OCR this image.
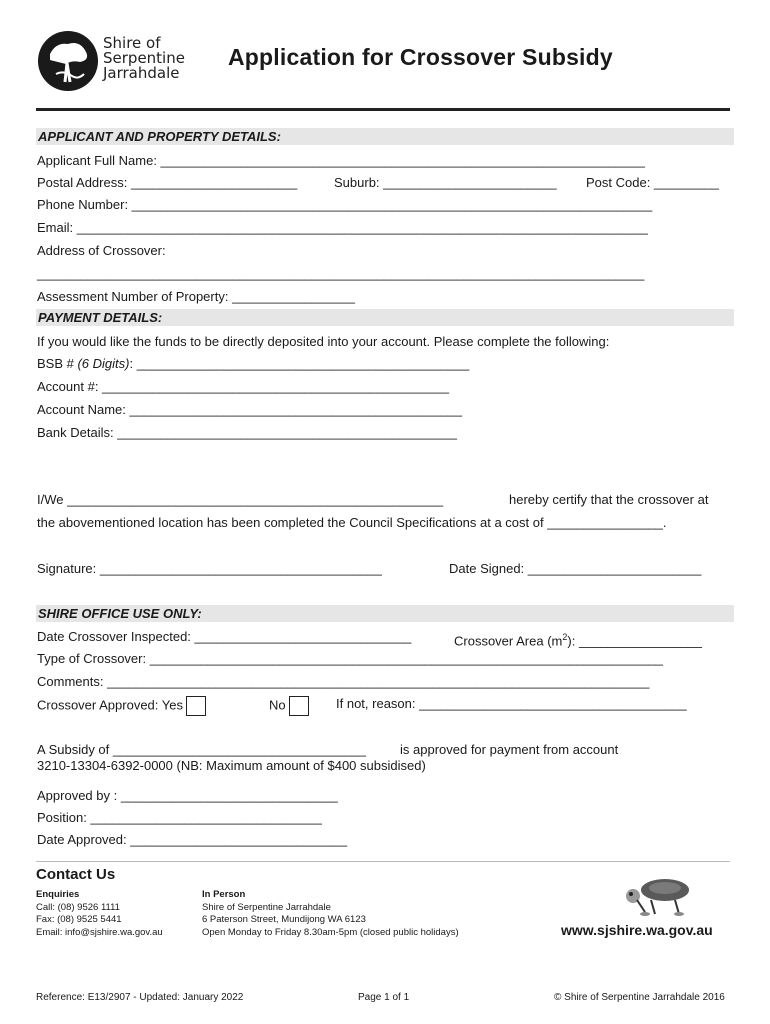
Shire of
Serpentine
Jarrahdale
Application for Crossover Subsidy
APPLICANT AND PROPERTY DETAILS:
Applicant Full Name: ___________________________________________________________________
Postal Address: _______________________	Suburb: ________________________ Post Code: _________
Phone Number: ________________________________________________________________________
Email: _______________________________________________________________________________
Address of Crossover:
____________________________________________________________________________________
Assessment Number of Property: _________________
PAYMENT DETAILS:
If you would like the funds to be directly deposited into your account. Please complete the following:
BSB # (6 Digits): ______________________________________________
Account #: ________________________________________________
Account Name: ______________________________________________
Bank Details: _______________________________________________
I/We ____________________________________________________	hereby certify that the crossover at
the abovementioned location has been completed the Council Specifications at a cost of ________________.
Signature: _______________________________________	Date Signed: ________________________
SHIRE OFFICE USE ONLY:
Date Crossover Inspected: ______________________________	Crossover Area $(m^2)$: _________________
Type of Crossover: _______________________________________________________________________
Comments: ___________________________________________________________________________
Crossover Approved: Yes	No	If not, reason: _____________________________________
A Subsidy of ___________________________________	is approved for payment from account
3210-13304-6392-0000 (NB: Maximum amount of $400 subsidised)
Approved by : ______________________________
Position: ________________________________
Date Approved: ______________________________
Contact Us
Enquiries
Call: (08) 9526 1111
Fax: (08) 9525 5441
Email: info@sjshire.wa.gov.au
In Person
Shire of Serpentine Jarrahdale
6 Paterson Street, Mundijong WA 6123
Open Monday to Friday 8.30am-5pm (closed public holidays)	www.sjshire.wa.gov.au
Reference: E13/2907 - Updated: January 2022	Page 1 of 1	© Shire of Serpentine Jarrahdale 2016
